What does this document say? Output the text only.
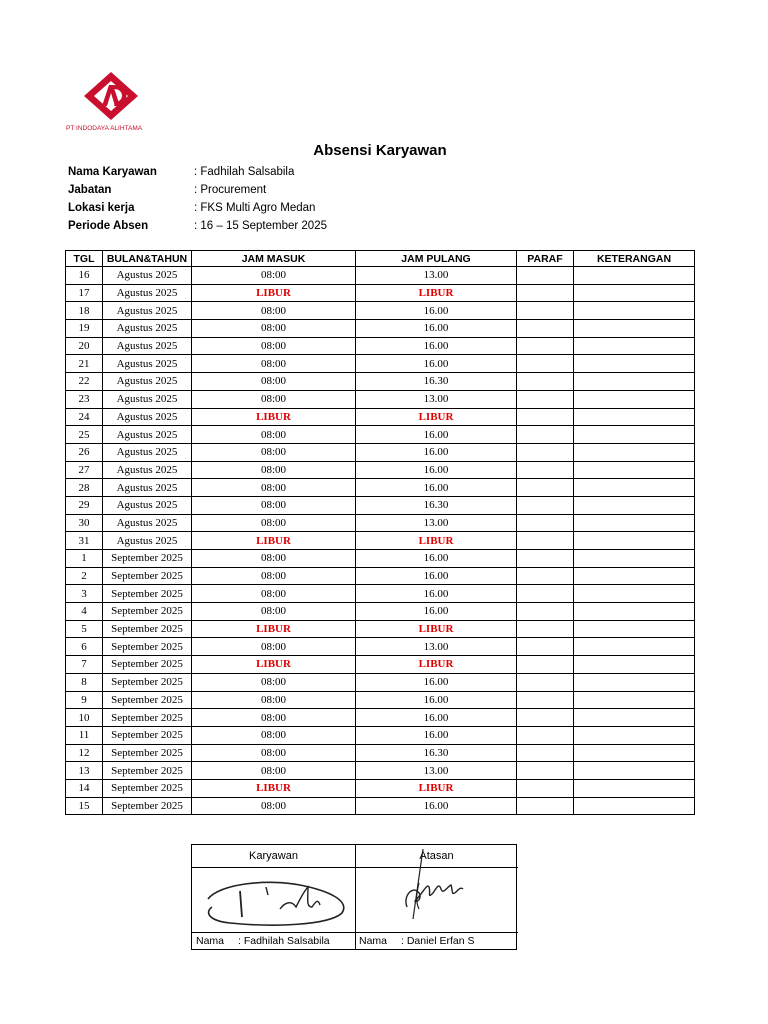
PT INDODAYA ALIHTAMA
Absensi Karyawan
Nama Karyawan	: Fadhilah Salsabila
Jabatan	: Procurement
Lokasi kerja	: FKS Multi Agro Medan
Periode Absen	: 16 – 15 September 2025
TGL	BULAN&TAHUN	JAM MASUK	JAM PULANG	PARAF	KETERANGAN
16	Agustus 2025	08:00	13.00		
17	Agustus 2025	LIBUR	LIBUR		
18	Agustus 2025	08:00	16.00		
19	Agustus 2025	08:00	16.00		
20	Agustus 2025	08:00	16.00		
21	Agustus 2025	08:00	16.00		
22	Agustus 2025	08:00	16.30		
23	Agustus 2025	08:00	13.00		
24	Agustus 2025	LIBUR	LIBUR		
25	Agustus 2025	08:00	16.00		
26	Agustus 2025	08:00	16.00		
27	Agustus 2025	08:00	16.00		
28	Agustus 2025	08:00	16.00		
29	Agustus 2025	08:00	16.30		
30	Agustus 2025	08:00	13.00		
31	Agustus 2025	LIBUR	LIBUR		
1	September 2025	08:00	16.00		
2	September 2025	08:00	16.00		
3	September 2025	08:00	16.00		
4	September 2025	08:00	16.00		
5	September 2025	LIBUR	LIBUR		
6	September 2025	08:00	13.00		
7	September 2025	LIBUR	LIBUR		
8	September 2025	08:00	16.00		
9	September 2025	08:00	16.00		
10	September 2025	08:00	16.00		
11	September 2025	08:00	16.00		
12	September 2025	08:00	16.30		
13	September 2025	08:00	13.00		
14	September 2025	LIBUR	LIBUR		
15	September 2025	08:00	16.00		
Karyawan
Nama : Fadhilah Salsabila
Atasan
Nama : Daniel Erfan S
